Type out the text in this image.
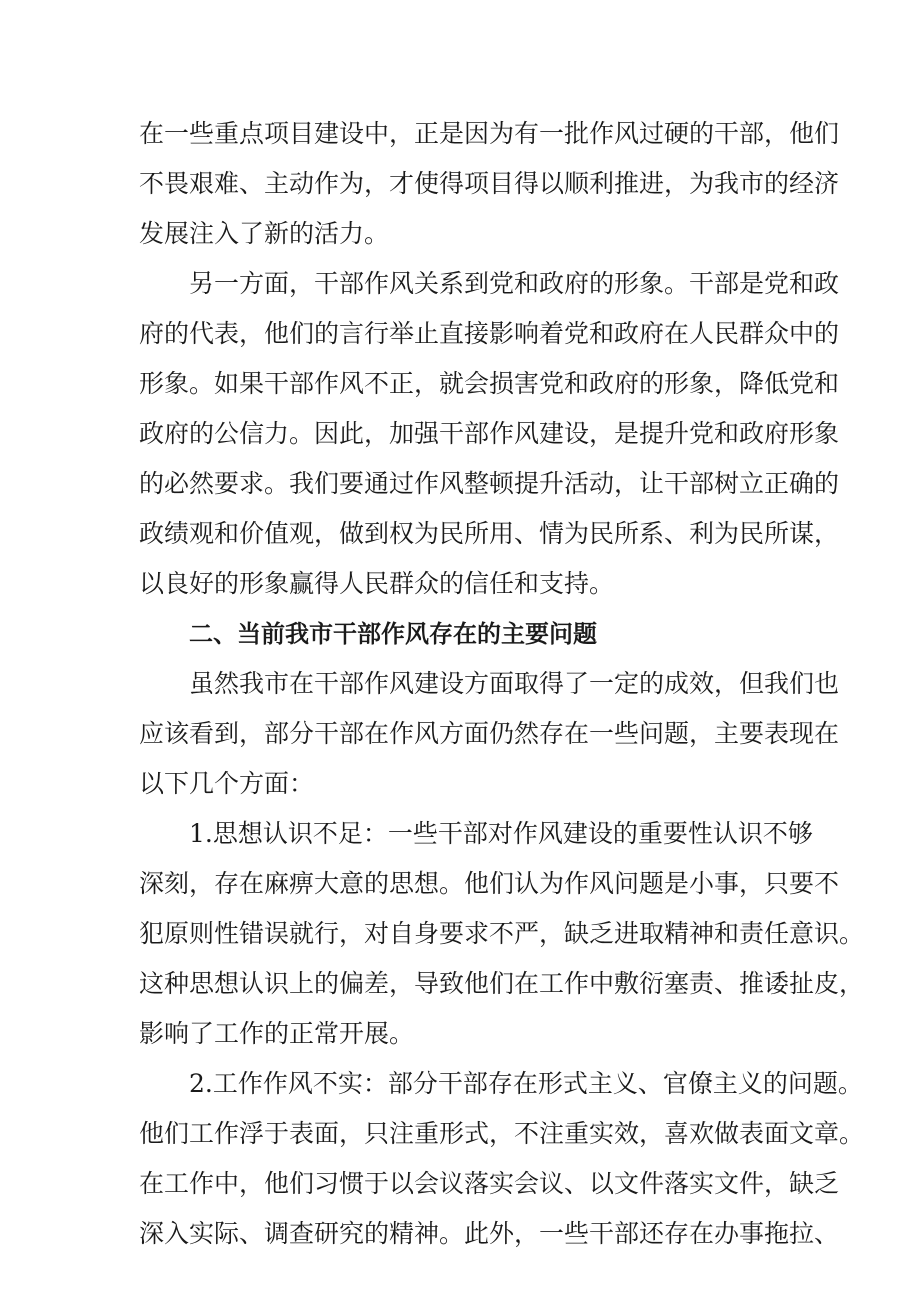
在一些重点项目建设中，正是因为有一批作风过硬的干部，他们
不畏艰难、主动作为，才使得项目得以顺利推进，为我市的经济
发展注入了新的活力。
另一方面，干部作风关系到党和政府的形象。干部是党和政
府的代表，他们的言行举止直接影响着党和政府在人民群众中的
形象。如果干部作风不正，就会损害党和政府的形象，降低党和
政府的公信力。因此，加强干部作风建设，是提升党和政府形象
的必然要求。我们要通过作风整顿提升活动，让干部树立正确的
政绩观和价值观，做到权为民所用、情为民所系、利为民所谋，
以良好的形象赢得人民群众的信任和支持。
二、当前我市干部作风存在的主要问题
虽然我市在干部作风建设方面取得了一定的成效，但我们也
应该看到，部分干部在作风方面仍然存在一些问题，主要表现在
以下几个方面：
1.思想认识不足：一些干部对作风建设的重要性认识不够
深刻，存在麻痹大意的思想。他们认为作风问题是小事，只要不
犯原则性错误就行，对自身要求不严，缺乏进取精神和责任意识。
这种思想认识上的偏差，导致他们在工作中敷衍塞责、推诿扯皮，
影响了工作的正常开展。
2.工作作风不实：部分干部存在形式主义、官僚主义的问题。
他们工作浮于表面，只注重形式，不注重实效，喜欢做表面文章。
在工作中，他们习惯于以会议落实会议、以文件落实文件，缺乏
深入实际、调查研究的精神。此外，一些干部还存在办事拖拉、
